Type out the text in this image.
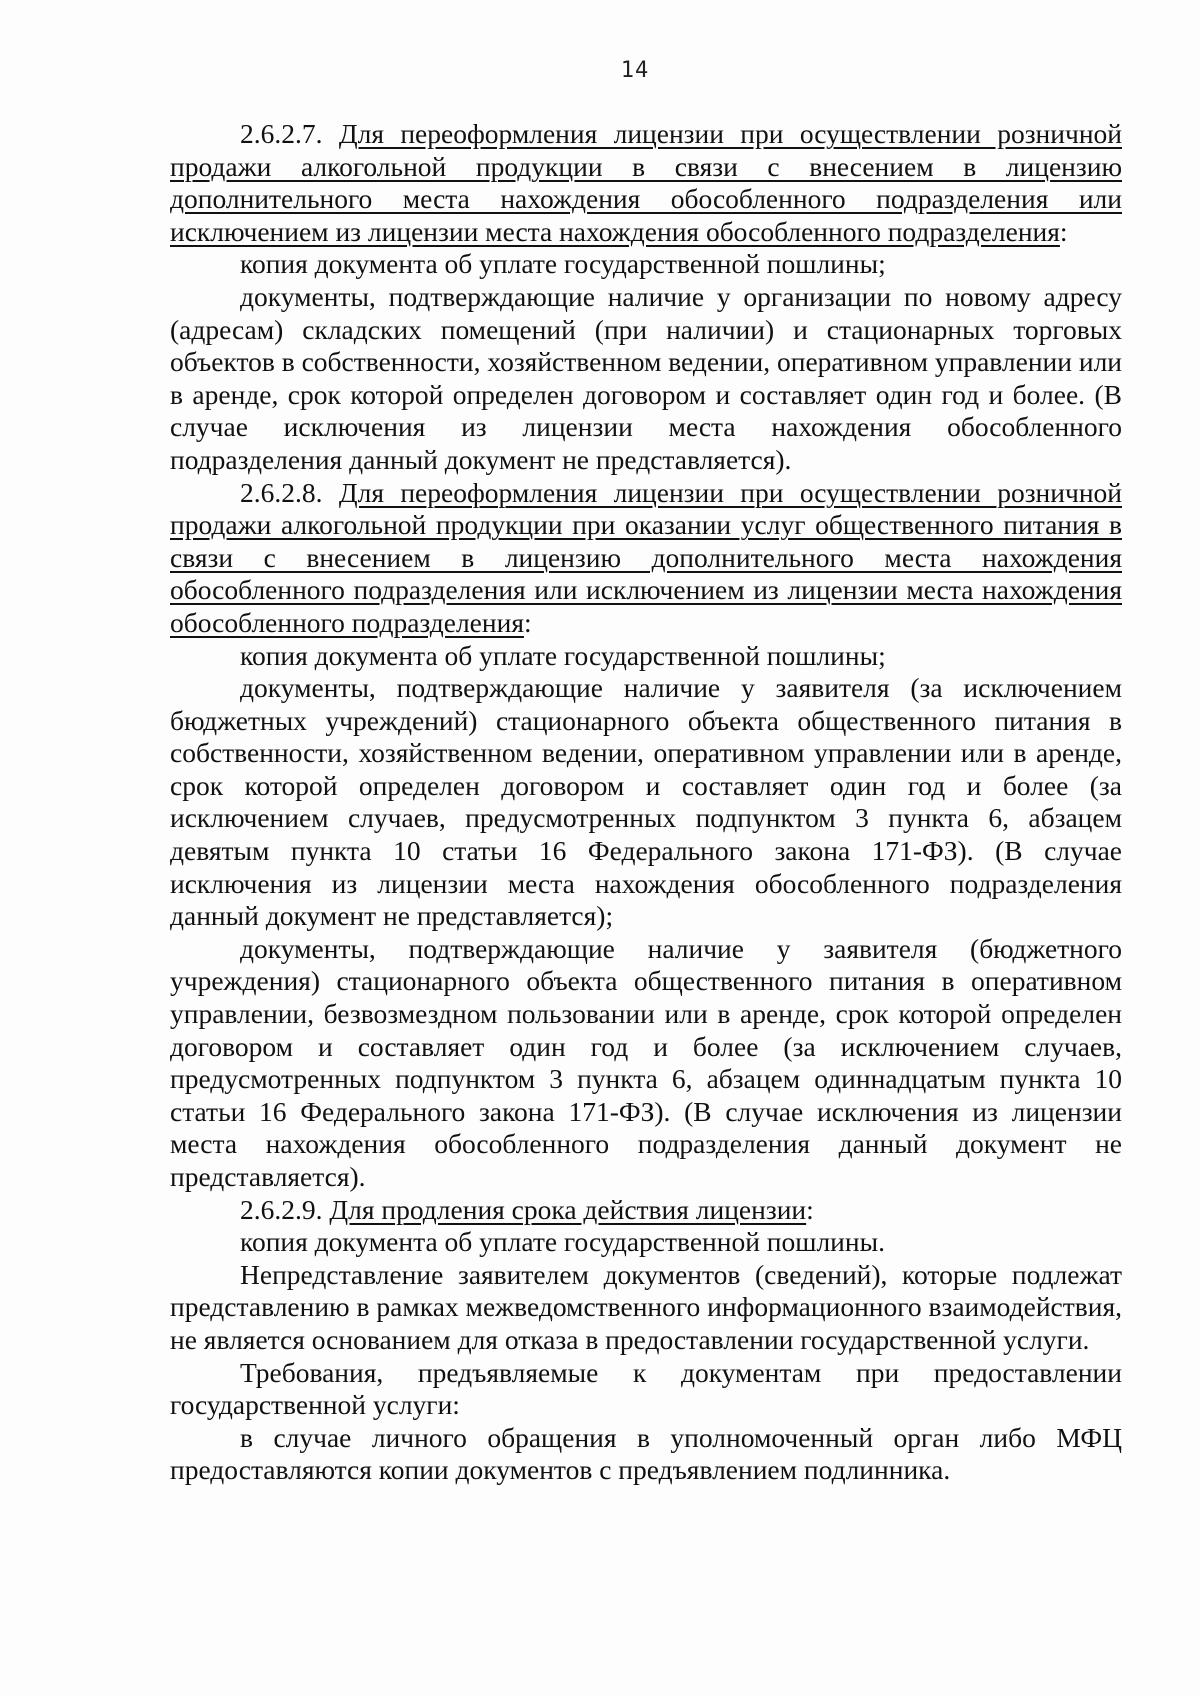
14

2.6.2.7. Для переоформления лицензии при осуществлении розничной продажи алкогольной продукции в связи с внесением в лицензию дополнительного места нахождения обособленного подразделения или исключением из лицензии места нахождения обособленного подразделения:

копия документа об уплате государственной пошлины;

документы, подтверждающие наличие у организации по новому адресу (адресам) складских помещений (при наличии) и стационарных торговых объектов в собственности, хозяйственном ведении, оперативном управлении или в аренде, срок которой определен договором и составляет один год и более. (В случае исключения из лицензии места нахождения обособленного подразделения данный документ не представляется).

2.6.2.8. Для переоформления лицензии при осуществлении розничной продажи алкогольной продукции при оказании услуг общественного питания в связи с внесением в лицензию дополнительного места нахождения обособленного подразделения или исключением из лицензии места нахождения обособленного подразделения:

копия документа об уплате государственной пошлины;

документы, подтверждающие наличие у заявителя (за исключением бюджетных учреждений) стационарного объекта общественного питания в собственности, хозяйственном ведении, оперативном управлении или в аренде, срок которой определен договором и составляет один год и более (за исключением случаев, предусмотренных подпунктом 3 пункта 6, абзацем девятым пункта 10 статьи 16 Федерального закона 171-ФЗ). (В случае исключения из лицензии места нахождения обособленного подразделения данный документ не представляется);

документы, подтверждающие наличие у заявителя (бюджетного учреждения) стационарного объекта общественного питания в оперативном управлении, безвозмездном пользовании или в аренде, срок которой определен договором и составляет один год и более (за исключением случаев, предусмотренных подпунктом 3 пункта 6, абзацем одиннадцатым пункта 10 статьи 16 Федерального закона 171-ФЗ). (В случае исключения из лицензии места нахождения обособленного подразделения данный документ не представляется).

2.6.2.9. Для продления срока действия лицензии:

копия документа об уплате государственной пошлины.

Непредставление заявителем документов (сведений), которые подлежат представлению в рамках межведомственного информационного взаимодействия, не является основанием для отказа в предоставлении государственной услуги.

Требования, предъявляемые к документам при предоставлении государственной услуги:

в случае личного обращения в уполномоченный орган либо МФЦ предоставляются копии документов с предъявлением подлинника.
